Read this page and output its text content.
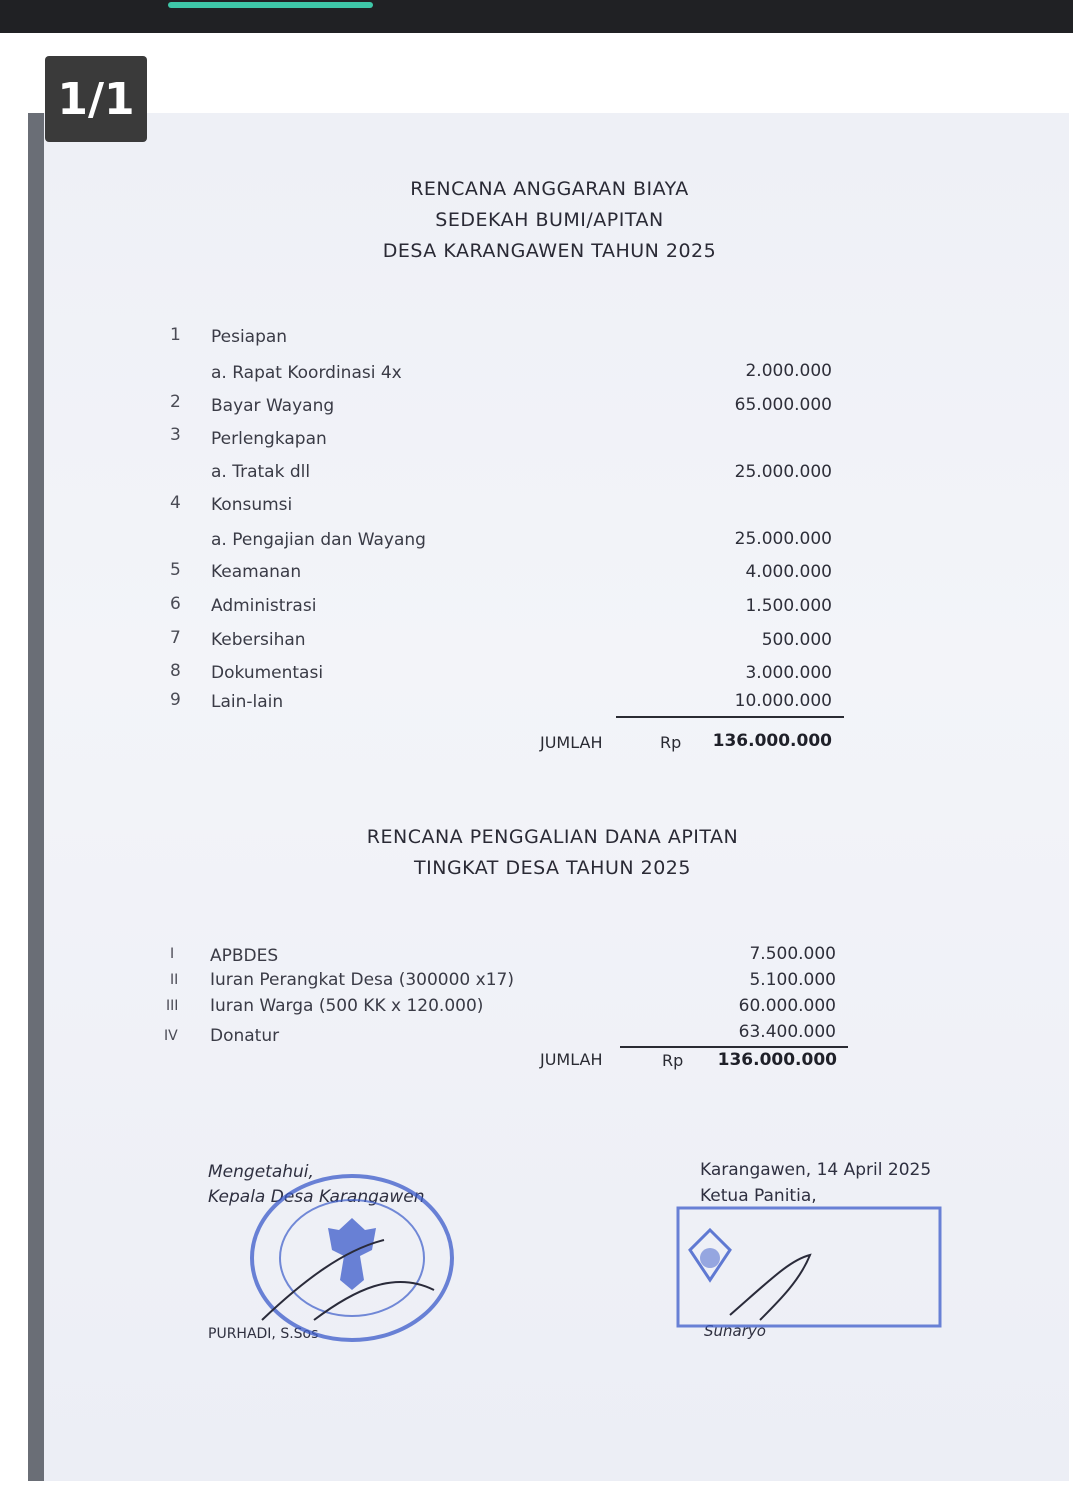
1/1
RENCANA ANGGARAN BIAYA
SEDEKAH BUMI/APITAN
DESA KARANGAWEN TAHUN 2025
1	Pesiapan
a. Rapat Koordinasi 4x	2.000.000
2	Bayar Wayang	65.000.000
3	Perlengkapan
a. Tratak dll	25.000.000
4	Konsumsi
a. Pengajian dan Wayang	25.000.000
5	Keamanan	4.000.000
6	Administrasi	1.500.000
7	Kebersihan	500.000
8	Dokumentasi	3.000.000
9	Lain-lain	10.000.000
JUMLAH	Rp 136.000.000
RENCANA PENGGALIAN DANA APITAN
TINGKAT DESA TAHUN 2025
I	APBDES	7.500.000
II	Iuran Perangkat Desa (300000 x17)	5.100.000
III	Iuran Warga (500 KK x 120.000)	60.000.000
IV	Donatur	63.400.000
JUMLAH	Rp 136.000.000
Mengetahui,
Kepala Desa Karangawen
PURHADI, S.Sos
Karangawen, 14 April 2025
Ketua Panitia,
Sunaryo
